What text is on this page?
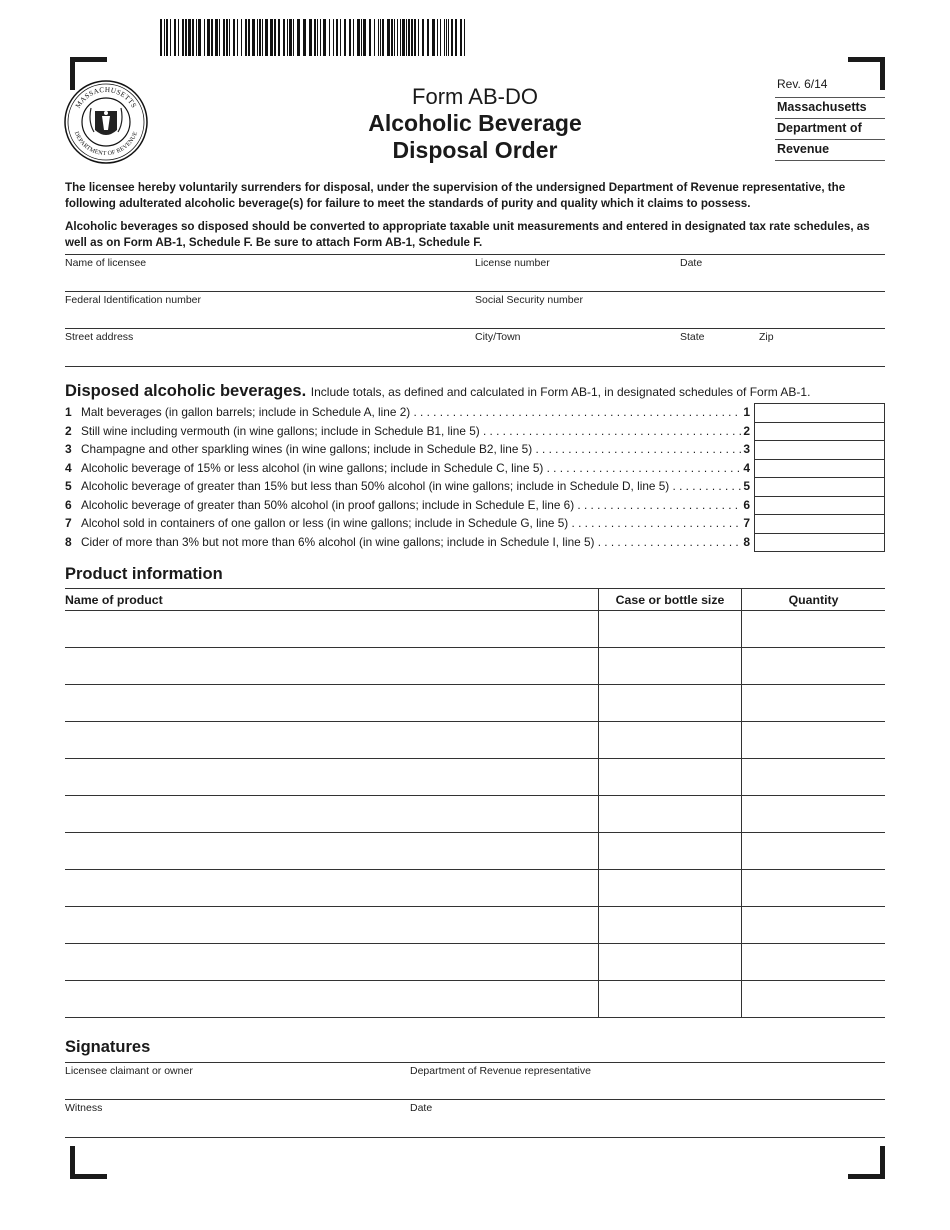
MASSACHUSETTS
DEPARTMENT OF REVENUE
Form AB-DO
Alcoholic Beverage
Disposal Order
Rev. 6/14
Massachusetts
Department of
Revenue
The licensee hereby voluntarily surrenders for disposal, under the supervision of the undersigned Department of Revenue representative, the following adulterated alcoholic beverage(s) for failure to meet the standards of purity and quality which it claims to possess.
Alcoholic beverages so disposed should be converted to appropriate taxable unit measurements and entered in designated tax rate schedules, as well as on Form AB-1, Schedule F. Be sure to attach Form AB-1, Schedule F.
Name of licensee	License number	Date
Federal Identification number	Social Security number
Street address	City/Town	State	Zip
Disposed alcoholic beverages. Include totals, as defined and calculated in Form AB-1, in designated schedules of Form AB-1.
1 Malt beverages (in gallon barrels; include in Schedule A, line 2) . . .	1
2 Still wine including vermouth (in wine gallons; include in Schedule B1, line 5) . . .	2
3 Champagne and other sparkling wines (in wine gallons; include in Schedule B2, line 5) . . .	3
4 Alcoholic beverage of 15% or less alcohol (in wine gallons; include in Schedule C, line 5) . . .	4
5 Alcoholic beverage of greater than 15% but less than 50% alcohol (in wine gallons; include in Schedule D, line 5) . . .	5
6 Alcoholic beverage of greater than 50% alcohol (in proof gallons; include in Schedule E, line 6) . . .	6
7 Alcohol sold in containers of one gallon or less (in wine gallons; include in Schedule G, line 5) . . .	7
8 Cider of more than 3% but not more than 6% alcohol (in wine gallons; include in Schedule I, line 5) . . .	8
Product information
Name of product	Case or bottle size	Quantity

Signatures
Licensee claimant or owner	Department of Revenue representative
Witness	Date
